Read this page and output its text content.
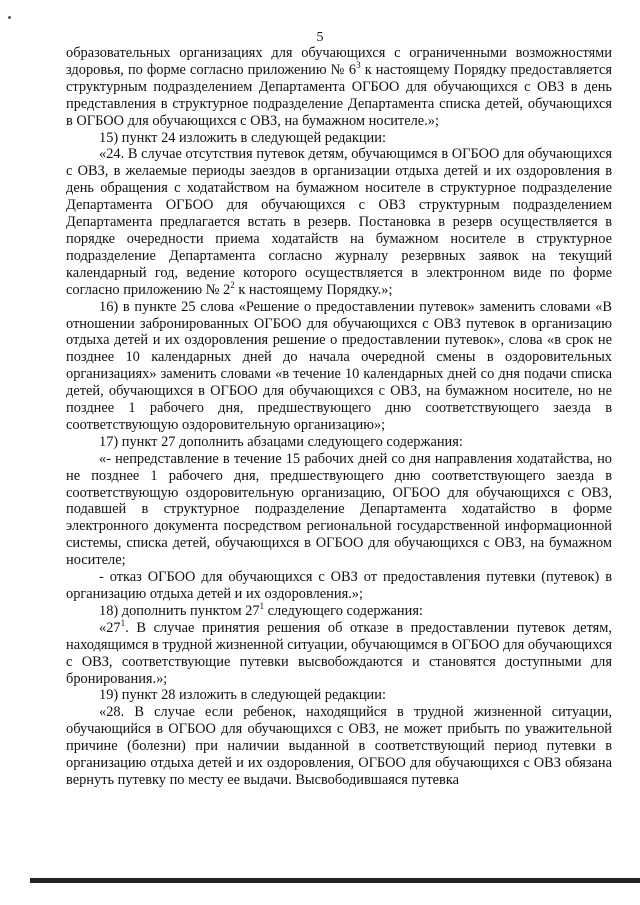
5

образовательных организациях для обучающихся с ограниченными возможностями здоровья, по форме согласно приложению № $6^3$ к настоящему Порядку предоставляется структурным подразделением Департамента ОГБОО для обучающихся с ОВЗ в день представления в структурное подразделение Департамента списка детей, обучающихся в ОГБОО для обучающихся с ОВЗ, на бумажном носителе.»;

15) пункт 24 изложить в следующей редакции:

«24. В случае отсутствия путевок детям, обучающимся в ОГБОО для обучающихся с ОВЗ, в желаемые периоды заездов в организации отдыха детей и их оздоровления в день обращения с ходатайством на бумажном носителе в структурное подразделение Департамента ОГБОО для обучающихся с ОВЗ структурным подразделением Департамента предлагается встать в резерв. Постановка в резерв осуществляется в порядке очередности приема ходатайств на бумажном носителе в структурное подразделение Департамента согласно журналу резервных заявок на текущий календарный год, ведение которого осуществляется в электронном виде по форме согласно приложению № $2^2$ к настоящему Порядку.»;

16) в пункте 25 слова «Решение о предоставлении путевок» заменить словами «В отношении забронированных ОГБОО для обучающихся с ОВЗ путевок в организацию отдыха детей и их оздоровления решение о предоставлении путевок», слова «в срок не позднее 10 календарных дней до начала очередной смены в оздоровительных организациях» заменить словами «в течение 10 календарных дней со дня подачи списка детей, обучающихся в ОГБОО для обучающихся с ОВЗ, на бумажном носителе, но не позднее 1 рабочего дня, предшествующего дню соответствующего заезда в соответствующую оздоровительную организацию»;

17) пункт 27 дополнить абзацами следующего содержания:

«- непредставление в течение 15 рабочих дней со дня направления ходатайства, но не позднее 1 рабочего дня, предшествующего дню соответствующего заезда в соответствующую оздоровительную организацию, ОГБОО для обучающихся с ОВЗ, подавшей в структурное подразделение Департамента ходатайство в форме электронного документа посредством региональной государственной информационной системы, списка детей, обучающихся в ОГБОО для обучающихся с ОВЗ, на бумажном носителе;

- отказ ОГБОО для обучающихся с ОВЗ от предоставления путевки (путевок) в организацию отдыха детей и их оздоровления.»;

18) дополнить пунктом $27^1$ следующего содержания:

«$27^1$. В случае принятия решения об отказе в предоставлении путевок детям, находящимся в трудной жизненной ситуации, обучающимся в ОГБОО для обучающихся с ОВЗ, соответствующие путевки высвобождаются и становятся доступными для бронирования.»;

19) пункт 28 изложить в следующей редакции:

«28. В случае если ребенок, находящийся в трудной жизненной ситуации, обучающийся в ОГБОО для обучающихся с ОВЗ, не может прибыть по уважительной причине (болезни) при наличии выданной в соответствующий период путевки в организацию отдыха детей и их оздоровления, ОГБОО для обучающихся с ОВЗ обязана вернуть путевку по месту ее выдачи. Высвободившаяся путевка
